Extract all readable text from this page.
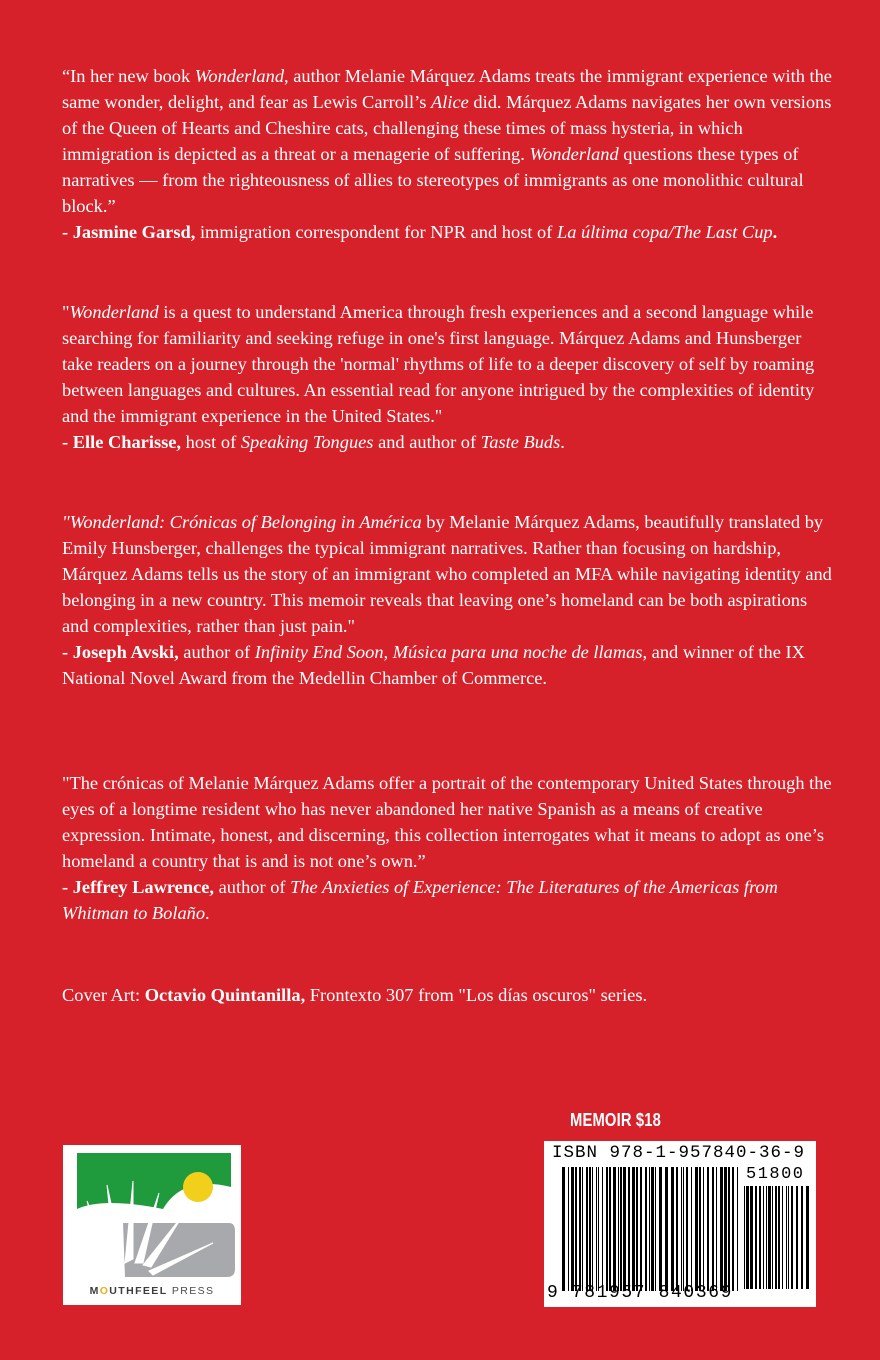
“In her new book Wonderland, author Melanie Márquez Adams treats the immigrant experience with the same wonder, delight, and fear as Lewis Carroll’s Alice did. Márquez Adams navigates her own versions of the Queen of Hearts and Cheshire cats, challenging these times of mass hysteria, in which immigration is depicted as a threat or a menagerie of suffering. Wonderland questions these types of narratives — from the righteousness of allies to stereotypes of immigrants as one monolithic cultural block.”

- Jasmine Garsd, immigration correspondent for NPR and host of La última copa/The Last Cup.

"Wonderland is a quest to understand America through fresh experiences and a second language while searching for familiarity and seeking refuge in one's first language. Márquez Adams and Hunsberger take readers on a journey through the 'normal' rhythms of life to a deeper discovery of self by roaming between languages and cultures. An essential read for anyone intrigued by the complexities of identity and the immigrant experience in the United States."

- Elle Charisse, host of Speaking Tongues and author of Taste Buds.

"Wonderland: Crónicas of Belonging in América by Melanie Márquez Adams, beautifully translated by Emily Hunsberger, challenges the typical immigrant narratives. Rather than focusing on hardship, Márquez Adams tells us the story of an immigrant who completed an MFA while navigating identity and belonging in a new country. This memoir reveals that leaving one’s homeland can be both aspirations and complexities, rather than just pain."

- Joseph Avski, author of Infinity End Soon, Música para una noche de llamas, and winner of the IX National Novel Award from the Medellin Chamber of Commerce.

"The crónicas of Melanie Márquez Adams offer a portrait of the contemporary United States through the eyes of a longtime resident who has never abandoned her native Spanish as a means of creative expression. Intimate, honest, and discerning, this collection interrogates what it means to adopt as one’s homeland a country that is and is not one’s own.”

- Jeffrey Lawrence, author of The Anxieties of Experience: The Literatures of the Americas from Whitman to Bolaño.

Cover Art: Octavio Quintanilla, Frontexto 307 from "Los días oscuros" series.

MEMOIR $18
ISBN 978-1-957840-36-9
51800
9 781957 840369
MOUTHFEEL PRESS
